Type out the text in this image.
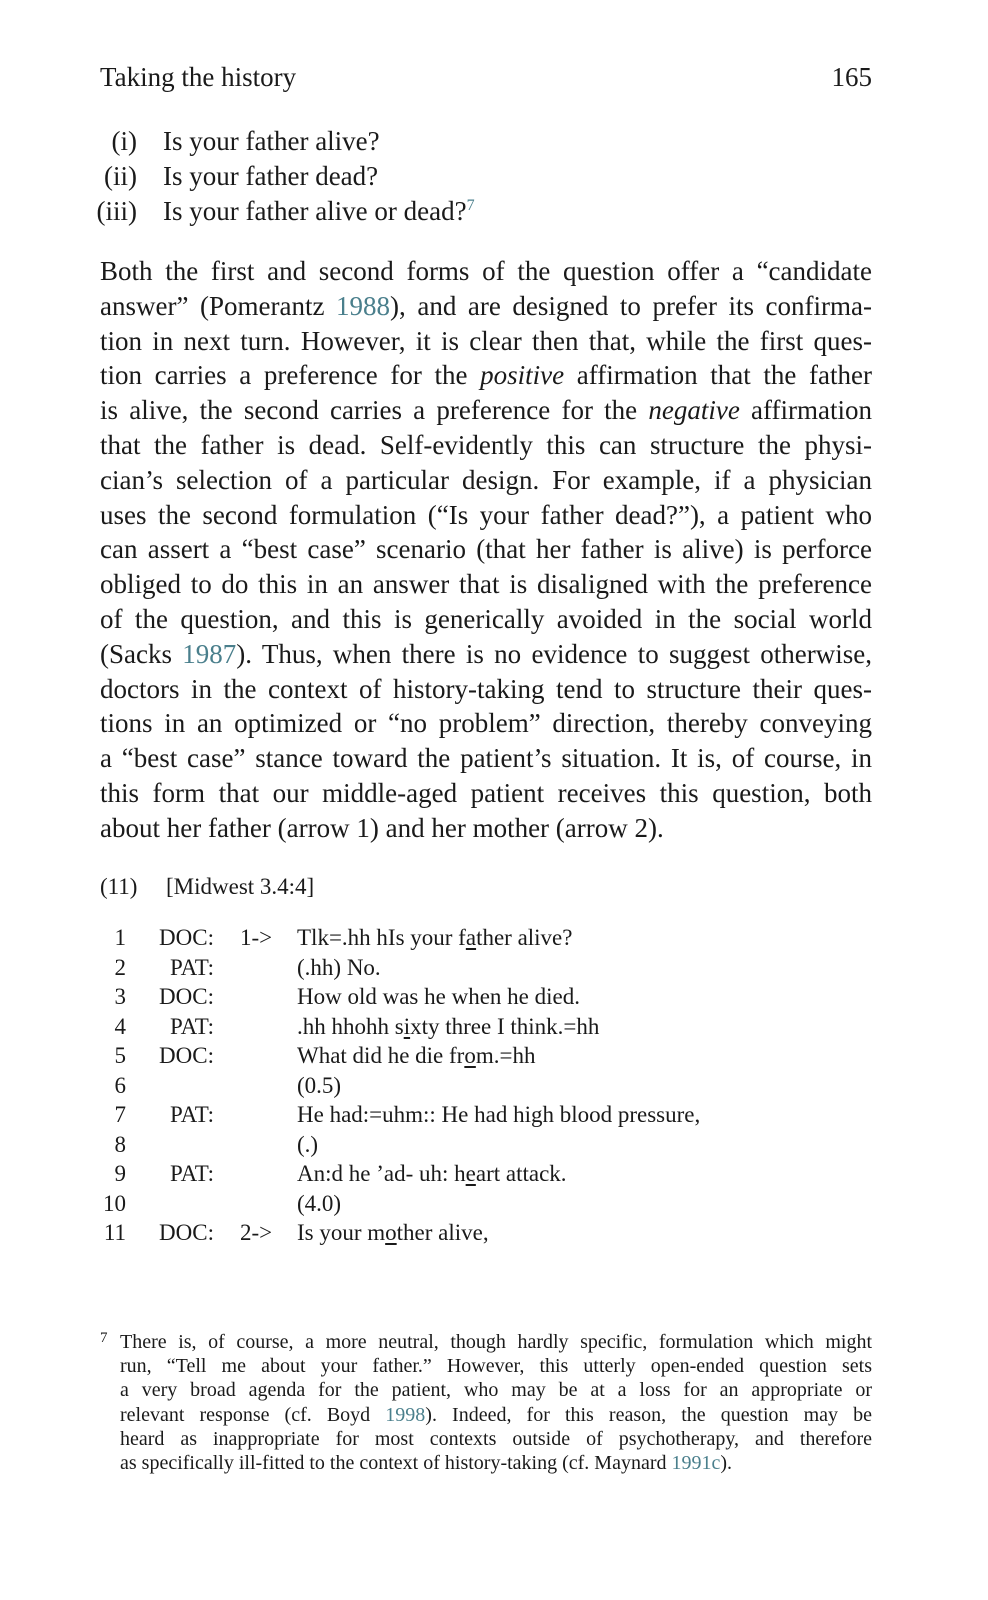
Taking the history	165
(i) Is your father alive?
(ii) Is your father dead?
(iii) Is your father alive or dead?$^7$
Both the first and second forms of the question offer a “candidate
answer” (Pomerantz 1988), and are designed to prefer its confirma-
tion in next turn. However, it is clear then that, while the first ques-
tion carries a preference for the positive affirmation that the father
is alive, the second carries a preference for the negative affirmation
that the father is dead. Self-evidently this can structure the physi-
cian’s selection of a particular design. For example, if a physician
uses the second formulation (“Is your father dead?”), a patient who
can assert a “best case” scenario (that her father is alive) is perforce
obliged to do this in an answer that is disaligned with the preference
of the question, and this is generically avoided in the social world
(Sacks 1987). Thus, when there is no evidence to suggest otherwise,
doctors in the context of history-taking tend to structure their ques-
tions in an optimized or “no problem” direction, thereby conveying
a “best case” stance toward the patient’s situation. It is, of course, in
this form that our middle-aged patient receives this question, both
about her father (arrow 1) and her mother (arrow 2).
(11) [Midwest 3.4:4]
1 DOC: 1-> Tlk=.hh hIs your father alive?
2 PAT:	(.hh) No.
3 DOC:	How old was he when he died.
4 PAT:	.hh hhohh sixty three I think.=hh
5 DOC:	What did he die from.=hh
6	(0.5)
7 PAT:	He had:=uhm:: He had high blood pressure,
8	(.)
9 PAT:	An:d he ’ad- uh: heart attack.
10	(4.0)
11 DOC: 2-> Is your mother alive,
7 There is, of course, a more neutral, though hardly specific, formulation which might
run, “Tell me about your father.” However, this utterly open-ended question sets
a very broad agenda for the patient, who may be at a loss for an appropriate or
relevant response (cf. Boyd 1998). Indeed, for this reason, the question may be
heard as inappropriate for most contexts outside of psychotherapy, and therefore
as specifically ill-fitted to the context of history-taking (cf. Maynard 1991c).
